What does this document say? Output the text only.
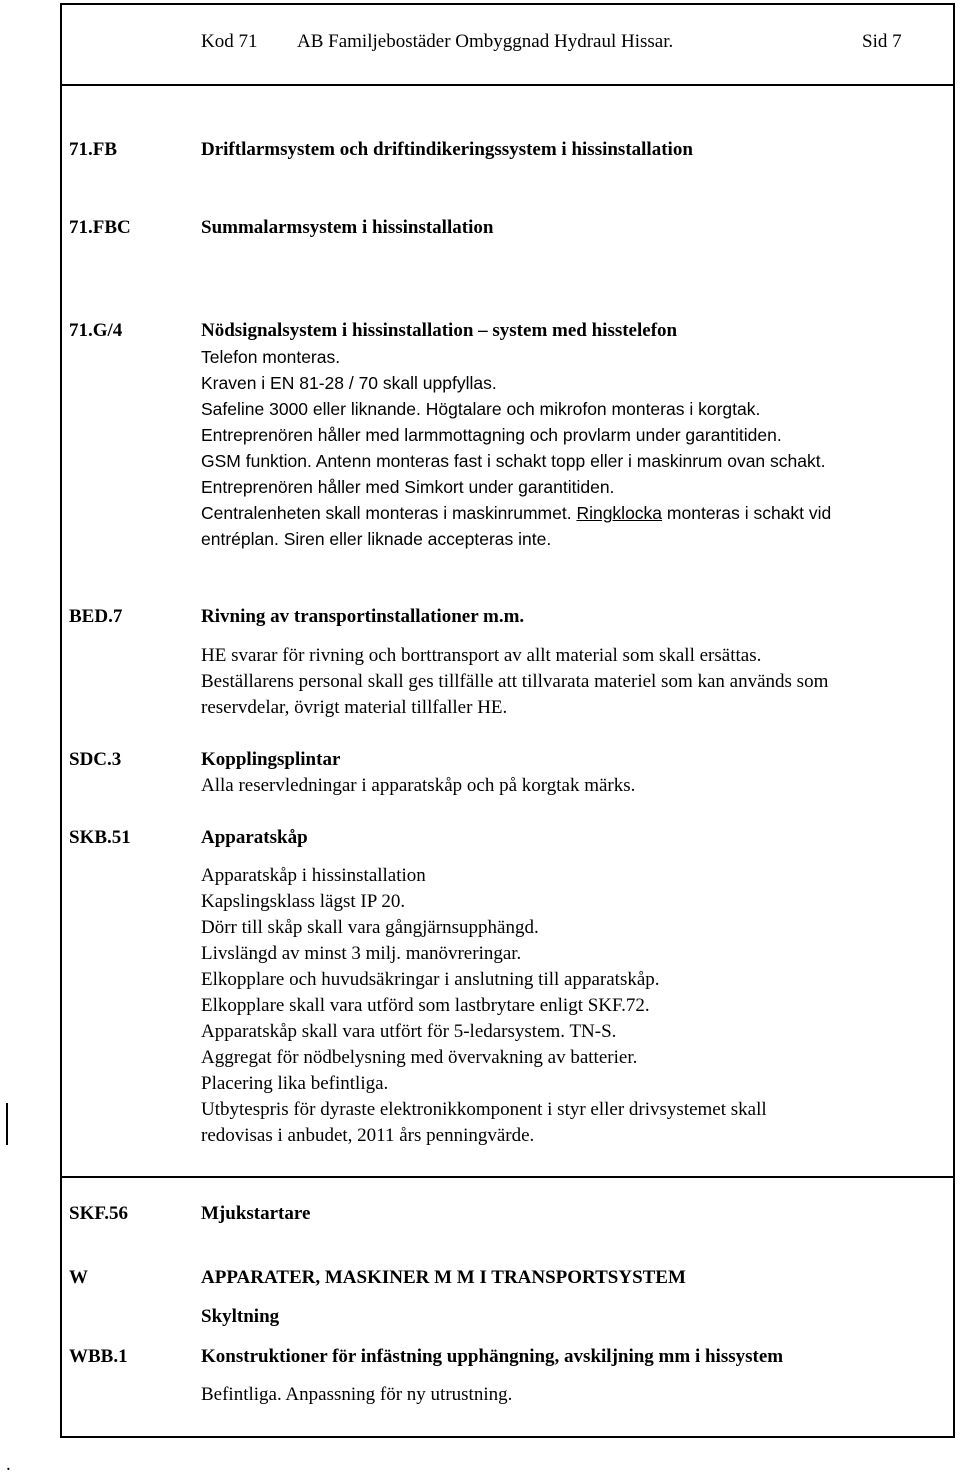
Kod 71 AB Familjebostäder Ombyggnad Hydraul Hissar.	Sid 7
71.FB	Driftlarmsystem och driftindikeringssystem i hissinstallation
71.FBC	Summalarmsystem i hissinstallation
71.G/4	Nödsignalsystem i hissinstallation – system med hisstelefon
Telefon monteras.
Kraven i EN 81-28 / 70 skall uppfyllas.
Safeline 3000 eller liknande. Högtalare och mikrofon monteras i korgtak.
Entreprenören håller med larmmottagning och provlarm under garantitiden.
GSM funktion. Antenn monteras fast i schakt topp eller i maskinrum ovan schakt.
Entreprenören håller med Simkort under garantitiden.
Centralenheten skall monteras i maskinrummet. Ringklocka monteras i schakt vid
entréplan. Siren eller liknade accepteras inte.
BED.7	Rivning av transportinstallationer m.m.
HE svarar för rivning och borttransport av allt material som skall ersättas.
Beställarens personal skall ges tillfälle att tillvarata materiel som kan används som
reservdelar, övrigt material tillfaller HE.
SDC.3	Kopplingsplintar
Alla reservledningar i apparatskåp och på korgtak märks.
SKB.51	Apparatskåp
Apparatskåp i hissinstallation
Kapslingsklass lägst IP 20.
Dörr till skåp skall vara gångjärnsupphängd.
Livslängd av minst 3 milj. manövreringar.
Elkopplare och huvudsäkringar i anslutning till apparatskåp.
Elkopplare skall vara utförd som lastbrytare enligt SKF.72.
Apparatskåp skall vara utfört för 5-ledarsystem. TN-S.
Aggregat för nödbelysning med övervakning av batterier.
Placering lika befintliga.
Utbytespris för dyraste elektronikkomponent i styr eller drivsystemet skall
redovisas i anbudet, 2011 års penningvärde.
SKF.56	Mjukstartare
W	APPARATER, MASKINER M M I TRANSPORTSYSTEM
Skyltning
WBB.1	Konstruktioner för infästning upphängning, avskiljning mm i hissystem
Befintliga. Anpassning för ny utrustning.
.
